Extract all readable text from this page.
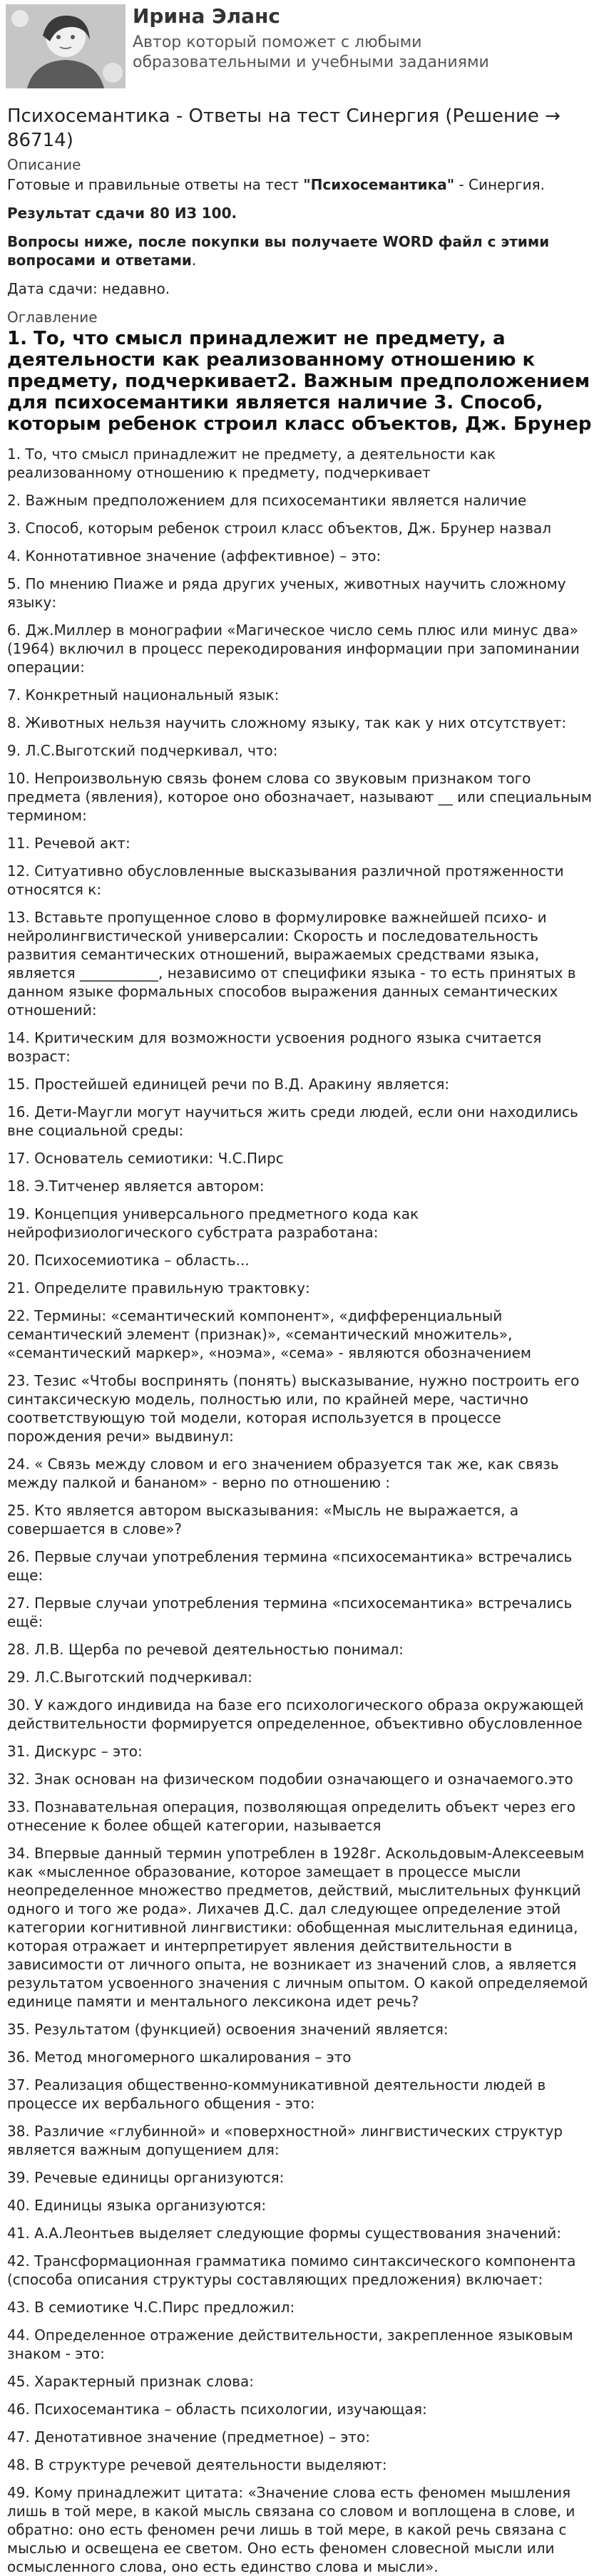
Ирина Эланс
Автор который поможет с любыми образовательными и учебными заданиями
Психосемантика - Ответы на тест Синергия (Решение → 86714)
Описание

Готовые и правильные ответы на тест "Психосемантика" - Синергия.

Результат сдачи 80 ИЗ 100.

Вопросы ниже, после покупки вы получаете WORD файл с этими вопросами и ответами.

Дата сдачи: недавно.

Оглавление
1. То, что смысл принадлежит не предмету, а деятельности как реализованному отношению к предмету, подчеркивает2. Важным предположением для психосемантики является наличие 3. Способ, которым ребенок строил класс объектов, Дж. Брунер

1. То, что смысл принадлежит не предмету, а деятельности как реализованному отношению к предмету, подчеркивает

2. Важным предположением для психосемантики является наличие

3. Способ, которым ребенок строил класс объектов, Дж. Брунер назвал

4. Коннотативное значение (аффективное) – это:

5. По мнению Пиаже и ряда других ученых, животных научить сложному языку:

6. Дж.Миллер в монографии «Магическое число семь плюс или минус два» (1964) включил в процесс перекодирования информации при запоминании операции:

7. Конкретный национальный язык:

8. Животных нельзя научить сложному языку, так как у них отсутствует:

9. Л.С.Выготский подчеркивал, что:

10. Непроизвольную связь фонем слова со звуковым признаком того предмета (явления), которое оно обозначает, называют __ или специальным термином:

11. Речевой акт:

12. Ситуативно обусловленные высказывания различной протяженности относятся к:

13. Вставьте пропущенное слово в формулировке важнейшей психо- и нейролингвистической универсалии: Скорость и последовательность развития семантических отношений, выражаемых средствами языка, является ___________, независимо от специфики языка - то есть принятых в данном языке формальных способов выражения данных семантических отношений:

14. Критическим для возможности усвоения родного языка считается возраст:

15. Простейшей единицей речи по В.Д. Аракину является:

16. Дети-Маугли могут научиться жить среди людей, если они находились вне социальной среды:

17. Основатель семиотики: Ч.С.Пирс

18. Э.Титченер является автором:

19. Концепция универсального предметного кода как нейрофизиологического субстрата разработана:

20. Психосемиотика – область...

21. Определите правильную трактовку:

22. Термины: «семантический компонент», «дифференциальный семантический элемент (признак)», «семантический множитель», «семантический маркер», «ноэма», «сема» - являются обозначением

23. Тезис «Чтобы воспринять (понять) высказывание, нужно построить его синтаксическую модель, полностью или, по крайней мере, частично соответствующую той модели, которая используется в процессе порождения речи» выдвинул:

24. « Связь между словом и его значением образуется так же, как связь между палкой и бананом» - верно по отношению :

25. Кто является автором высказывания: «Мысль не выражается, а совершается в слове»?

26. Первые случаи употребления термина «психосемантика» встречались еще:

27. Первые случаи употребления термина «психосемантика» встречались ещё:

28. Л.В. Щерба по речевой деятельностью понимал:

29. Л.С.Выготский подчеркивал:

30. У каждого индивида на базе его психологического образа окружающей действительности формируется определенное, объективно обусловленное

31. Дискурс – это:

32. Знак основан на физическом подобии означающего и означаемого.это

33. Познавательная операция, позволяющая определить объект через его отнесение к более общей категории, называется

34. Впервые данный термин употреблен в 1928г. Аскольдовым-Алексеевым как «мысленное образование, которое замещает в процессе мысли неопределенное множество предметов, действий, мыслительных функций одного и того же рода». Лихачев Д.С. дал следующее определение этой категории когнитивной лингвистики: обобщенная мыслительная единица, которая отражает и интерпретирует явления действительности в зависимости от личного опыта, не возникает из значений слов, а является результатом усвоенного значения с личным опытом. О какой определяемой единице памяти и ментального лексикона идет речь?

35. Результатом (функцией) освоения значений является:

36. Метод многомерного шкалирования – это

37. Реализация общественно-коммуникативной деятельности людей в процессе их вербального общения - это:

38. Различие «глубинной» и «поверхностной» лингвистических структур является важным допущением для:

39. Речевые единицы организуются:

40. Единицы языка организуются:

41. А.А.Леонтьев выделяет следующие формы существования значений:

42. Трансформационная грамматика помимо синтаксического компонента (способа описания структуры составляющих предложения) включает:

43. В семиотике Ч.С.Пирс предложил:

44. Определенное отражение действительности, закрепленное языковым знаком - это:

45. Характерный признак слова:

46. Психосемантика – область психологии, изучающая:

47. Денотативное значение (предметное) – это:

48. В структуре речевой деятельности выделяют:

49. Кому принадлежит цитата: «Значение слова есть феномен мышления лишь в той мере, в какой мысль связана со словом и воплощена в слове, и обратно: оно есть феномен речи лишь в той мере, в какой речь связана с мыслью и освещена ее светом. Оно есть феномен словесной мысли или осмысленного слова, оно есть единство слова и мысли».
